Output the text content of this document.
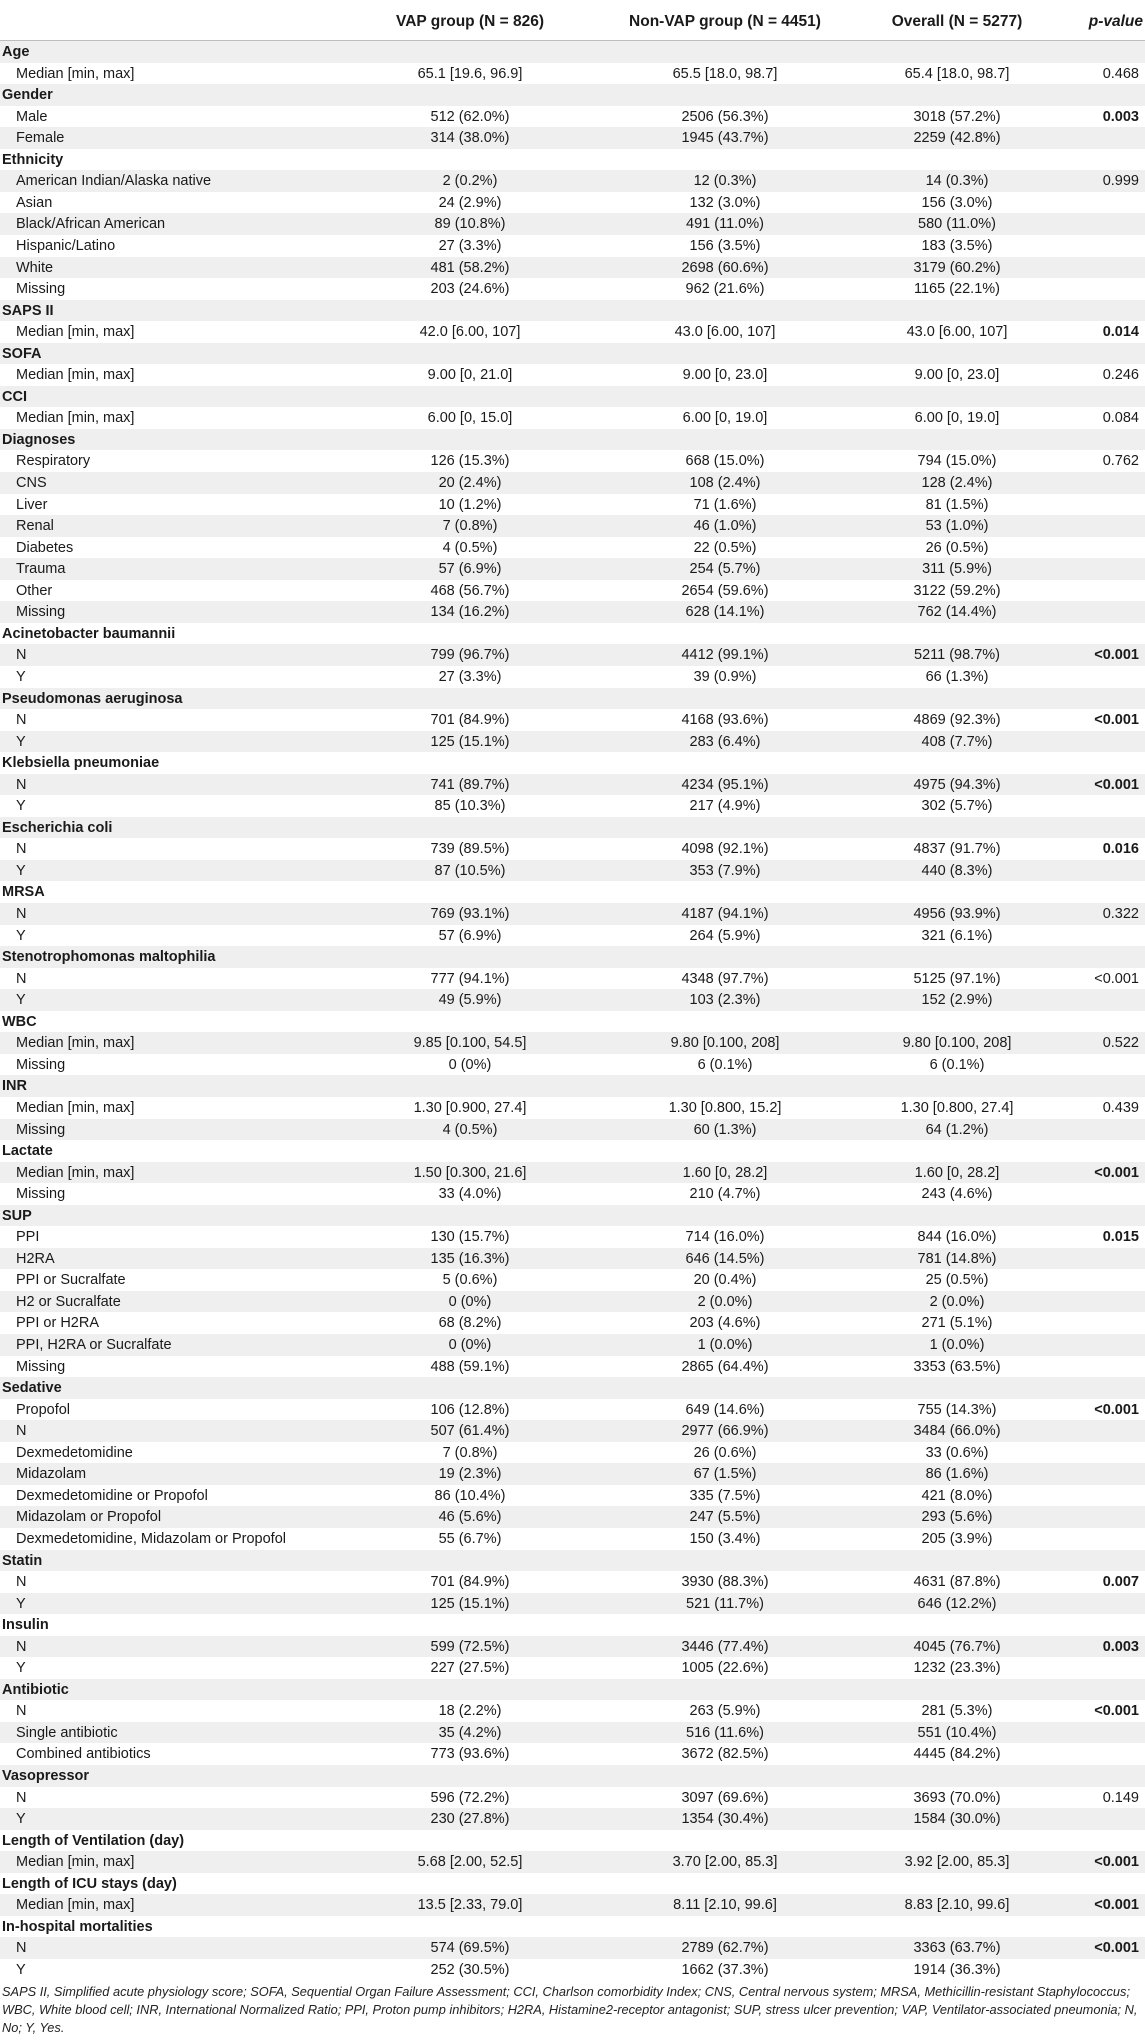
VAP group (N = 826)	Non-VAP group (N = 4451)	Overall (N = 5277)	p-value
Age
Median [min, max]	65.1 [19.6, 96.9]	65.5 [18.0, 98.7]	65.4 [18.0, 98.7]	0.468
Gender
Male	512 (62.0%)	2506 (56.3%)	3018 (57.2%)	0.003
Female	314 (38.0%)	1945 (43.7%)	2259 (42.8%)
Ethnicity
American Indian/Alaska native	2 (0.2%)	12 (0.3%)	14 (0.3%)	0.999
Asian	24 (2.9%)	132 (3.0%)	156 (3.0%)
Black/African American	89 (10.8%)	491 (11.0%)	580 (11.0%)
Hispanic/Latino	27 (3.3%)	156 (3.5%)	183 (3.5%)
White	481 (58.2%)	2698 (60.6%)	3179 (60.2%)
Missing	203 (24.6%)	962 (21.6%)	1165 (22.1%)
SAPS II
Median [min, max]	42.0 [6.00, 107]	43.0 [6.00, 107]	43.0 [6.00, 107]	0.014
SOFA
Median [min, max]	9.00 [0, 21.0]	9.00 [0, 23.0]	9.00 [0, 23.0]	0.246
CCI
Median [min, max]	6.00 [0, 15.0]	6.00 [0, 19.0]	6.00 [0, 19.0]	0.084
Diagnoses
Respiratory	126 (15.3%)	668 (15.0%)	794 (15.0%)	0.762
CNS	20 (2.4%)	108 (2.4%)	128 (2.4%)
Liver	10 (1.2%)	71 (1.6%)	81 (1.5%)
Renal	7 (0.8%)	46 (1.0%)	53 (1.0%)
Diabetes	4 (0.5%)	22 (0.5%)	26 (0.5%)
Trauma	57 (6.9%)	254 (5.7%)	311 (5.9%)
Other	468 (56.7%)	2654 (59.6%)	3122 (59.2%)
Missing	134 (16.2%)	628 (14.1%)	762 (14.4%)
Acinetobacter baumannii
N	799 (96.7%)	4412 (99.1%)	5211 (98.7%)	<0.001
Y	27 (3.3%)	39 (0.9%)	66 (1.3%)
Pseudomonas aeruginosa
N	701 (84.9%)	4168 (93.6%)	4869 (92.3%)	<0.001
Y	125 (15.1%)	283 (6.4%)	408 (7.7%)
Klebsiella pneumoniae
N	741 (89.7%)	4234 (95.1%)	4975 (94.3%)	<0.001
Y	85 (10.3%)	217 (4.9%)	302 (5.7%)
Escherichia coli
N	739 (89.5%)	4098 (92.1%)	4837 (91.7%)	0.016
Y	87 (10.5%)	353 (7.9%)	440 (8.3%)
MRSA
N	769 (93.1%)	4187 (94.1%)	4956 (93.9%)	0.322
Y	57 (6.9%)	264 (5.9%)	321 (6.1%)
Stenotrophomonas maltophilia
N	777 (94.1%)	4348 (97.7%)	5125 (97.1%)	<0.001
Y	49 (5.9%)	103 (2.3%)	152 (2.9%)
WBC
Median [min, max]	9.85 [0.100, 54.5]	9.80 [0.100, 208]	9.80 [0.100, 208]	0.522
Missing	0 (0%)	6 (0.1%)	6 (0.1%)
INR
Median [min, max]	1.30 [0.900, 27.4]	1.30 [0.800, 15.2]	1.30 [0.800, 27.4]	0.439
Missing	4 (0.5%)	60 (1.3%)	64 (1.2%)
Lactate
Median [min, max]	1.50 [0.300, 21.6]	1.60 [0, 28.2]	1.60 [0, 28.2]	<0.001
Missing	33 (4.0%)	210 (4.7%)	243 (4.6%)
SUP
PPI	130 (15.7%)	714 (16.0%)	844 (16.0%)	0.015
H2RA	135 (16.3%)	646 (14.5%)	781 (14.8%)
PPI or Sucralfate	5 (0.6%)	20 (0.4%)	25 (0.5%)
H2 or Sucralfate	0 (0%)	2 (0.0%)	2 (0.0%)
PPI or H2RA	68 (8.2%)	203 (4.6%)	271 (5.1%)
PPI, H2RA or Sucralfate	0 (0%)	1 (0.0%)	1 (0.0%)
Missing	488 (59.1%)	2865 (64.4%)	3353 (63.5%)
Sedative
Propofol	106 (12.8%)	649 (14.6%)	755 (14.3%)	<0.001
N	507 (61.4%)	2977 (66.9%)	3484 (66.0%)
Dexmedetomidine	7 (0.8%)	26 (0.6%)	33 (0.6%)
Midazolam	19 (2.3%)	67 (1.5%)	86 (1.6%)
Dexmedetomidine or Propofol	86 (10.4%)	335 (7.5%)	421 (8.0%)
Midazolam or Propofol	46 (5.6%)	247 (5.5%)	293 (5.6%)
Dexmedetomidine, Midazolam or Propofol	55 (6.7%)	150 (3.4%)	205 (3.9%)
Statin
N	701 (84.9%)	3930 (88.3%)	4631 (87.8%)	0.007
Y	125 (15.1%)	521 (11.7%)	646 (12.2%)
Insulin
N	599 (72.5%)	3446 (77.4%)	4045 (76.7%)	0.003
Y	227 (27.5%)	1005 (22.6%)	1232 (23.3%)
Antibiotic
N	18 (2.2%)	263 (5.9%)	281 (5.3%)	<0.001
Single antibiotic	35 (4.2%)	516 (11.6%)	551 (10.4%)
Combined antibiotics	773 (93.6%)	3672 (82.5%)	4445 (84.2%)
Vasopressor
N	596 (72.2%)	3097 (69.6%)	3693 (70.0%)	0.149
Y	230 (27.8%)	1354 (30.4%)	1584 (30.0%)
Length of Ventilation (day)
Median [min, max]	5.68 [2.00, 52.5]	3.70 [2.00, 85.3]	3.92 [2.00, 85.3]	<0.001
Length of ICU stays (day)
Median [min, max]	13.5 [2.33, 79.0]	8.11 [2.10, 99.6]	8.83 [2.10, 99.6]	<0.001
In-hospital mortalities
N	574 (69.5%)	2789 (62.7%)	3363 (63.7%)	<0.001
Y	252 (30.5%)	1662 (37.3%)	1914 (36.3%)
SAPS II, Simplified acute physiology score; SOFA, Sequential Organ Failure Assessment; CCI, Charlson comorbidity Index; CNS, Central nervous system; MRSA, Methicillin-resistant Staphylococcus; WBC, White blood cell; INR, International Normalized Ratio; PPI, Proton pump inhibitors; H2RA, Histamine2-receptor antagonist; SUP, stress ulcer prevention; VAP, Ventilator-associated pneumonia; N, No; Y, Yes.
